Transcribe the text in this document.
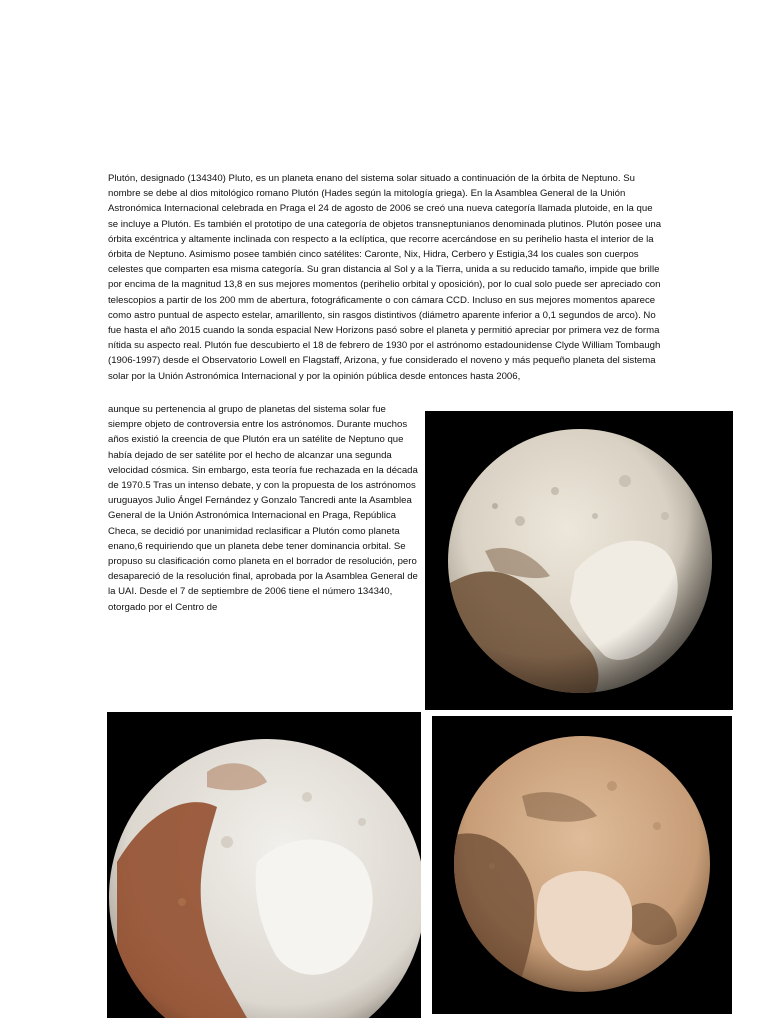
Plutón, designado (134340) Pluto, es un planeta enano del sistema solar situado a continuación de la órbita de Neptuno. Su nombre se debe al dios mitológico romano Plutón (Hades según la mitología griega). En la Asamblea General de la Unión Astronómica Internacional celebrada en Praga el 24 de agosto de 2006 se creó una nueva categoría llamada plutoide, en la que se incluye a Plutón. Es también el prototipo de una categoría de objetos transneptunianos denominada plutinos. Plutón posee una órbita excéntrica y altamente inclinada con respecto a la eclíptica, que recorre acercándose en su perihelio hasta el interior de la órbita de Neptuno. Asimismo posee también cinco satélites: Caronte, Nix, Hidra, Cerbero y Estigia,34 los cuales son cuerpos celestes que comparten esa misma categoría. Su gran distancia al Sol y a la Tierra, unida a su reducido tamaño, impide que brille por encima de la magnitud 13,8 en sus mejores momentos (perihelio orbital y oposición), por lo cual solo puede ser apreciado con telescopios a partir de los 200 mm de abertura, fotográficamente o con cámara CCD. Incluso en sus mejores momentos aparece como astro puntual de aspecto estelar, amarillento, sin rasgos distintivos (diámetro aparente inferior a 0,1 segundos de arco). No fue hasta el año 2015 cuando la sonda espacial New Horizons pasó sobre el planeta y permitió apreciar por primera vez de forma nítida su aspecto real. Plutón fue descubierto el 18 de febrero de 1930 por el astrónomo estadounidense Clyde William Tombaugh (1906-1997) desde el Observatorio Lowell en Flagstaff, Arizona, y fue considerado el noveno y más pequeño planeta del sistema solar por la Unión Astronómica Internacional y por la opinión pública desde entonces hasta 2006,

aunque su pertenencia al grupo de planetas del sistema solar fue siempre objeto de controversia entre los astrónomos. Durante muchos años existió la creencia de que Plutón era un satélite de Neptuno que había dejado de ser satélite por el hecho de alcanzar una segunda velocidad cósmica. Sin embargo, esta teoría fue rechazada en la década de 1970.5 Tras un intenso debate, y con la propuesta de los astrónomos uruguayos Julio Ángel Fernández y Gonzalo Tancredi ante la Asamblea General de la Unión Astronómica Internacional en Praga, República Checa, se decidió por unanimidad reclasificar a Plutón como planeta enano,6 requiriendo que un planeta debe tener dominancia orbital. Se propuso su clasificación como planeta en el borrador de resolución, pero desapareció de la resolución final, aprobada por la Asamblea General de la UAI. Desde el 7 de septiembre de 2006 tiene el número 134340, otorgado por el Centro de
